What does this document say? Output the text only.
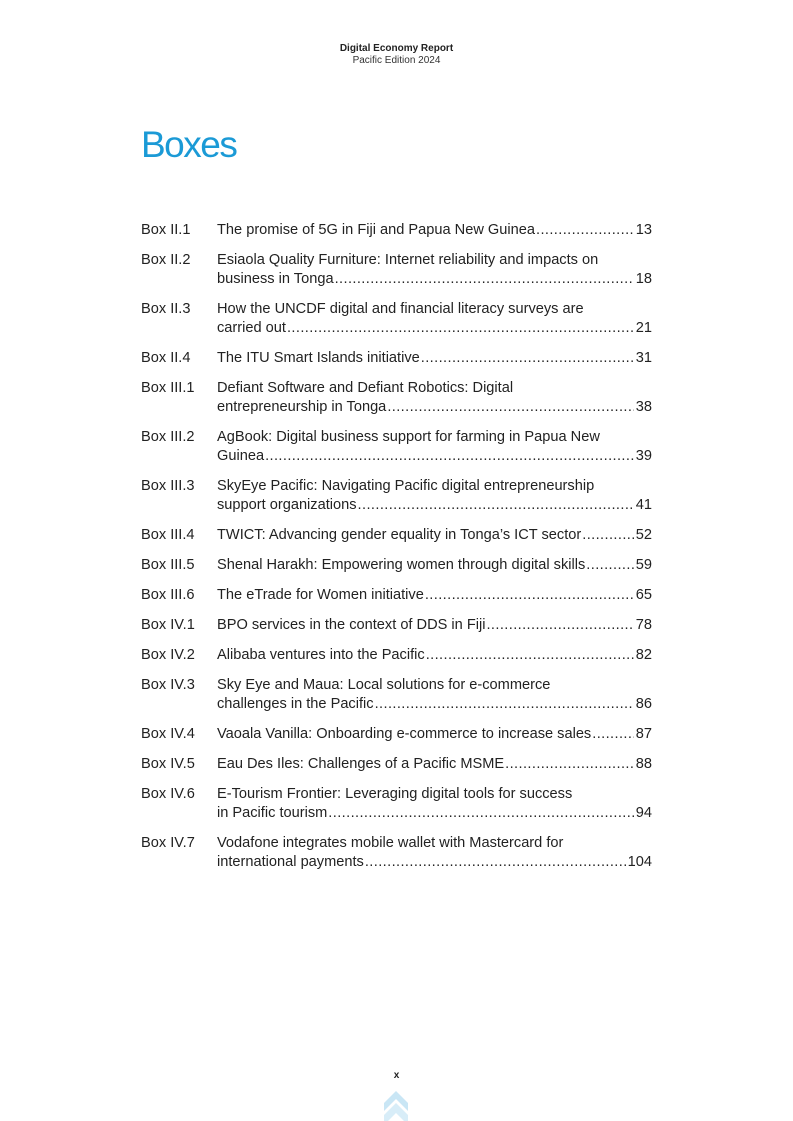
Digital Economy Report
Pacific Edition 2024
Boxes
Box II.1	The promise of 5G in Fiji and Papua New Guinea .....	13
Box II.2	Esiaola Quality Furniture: Internet reliability and impacts on
business in Tonga .....	18
Box II.3	How the UNCDF digital and financial literacy surveys are
carried out .....	21
Box II.4	The ITU Smart Islands initiative .....	31
Box III.1	Defiant Software and Defiant Robotics: Digital
entrepreneurship in Tonga .....	38
Box III.2	AgBook: Digital business support for farming in Papua New
Guinea .....	39
Box III.3	SkyEye Pacific: Navigating Pacific digital entrepreneurship
support organizations .....	41
Box III.4	TWICT: Advancing gender equality in Tonga’s ICT sector .....	52
Box III.5	Shenal Harakh: Empowering women through digital skills .....	59
Box III.6	The eTrade for Women initiative .....	65
Box IV.1	BPO services in the context of DDS in Fiji .....	78
Box IV.2	Alibaba ventures into the Pacific .....	82
Box IV.3	Sky Eye and Maua: Local solutions for e-commerce
challenges in the Pacific .....	86
Box IV.4	Vaoala Vanilla: Onboarding e-commerce to increase sales .....	87
Box IV.5	Eau Des Iles: Challenges of a Pacific MSME .....	88
Box IV.6	E-Tourism Frontier: Leveraging digital tools for success
in Pacific tourism .....	94
Box IV.7	Vodafone integrates mobile wallet with Mastercard for
international payments .....	104
x
